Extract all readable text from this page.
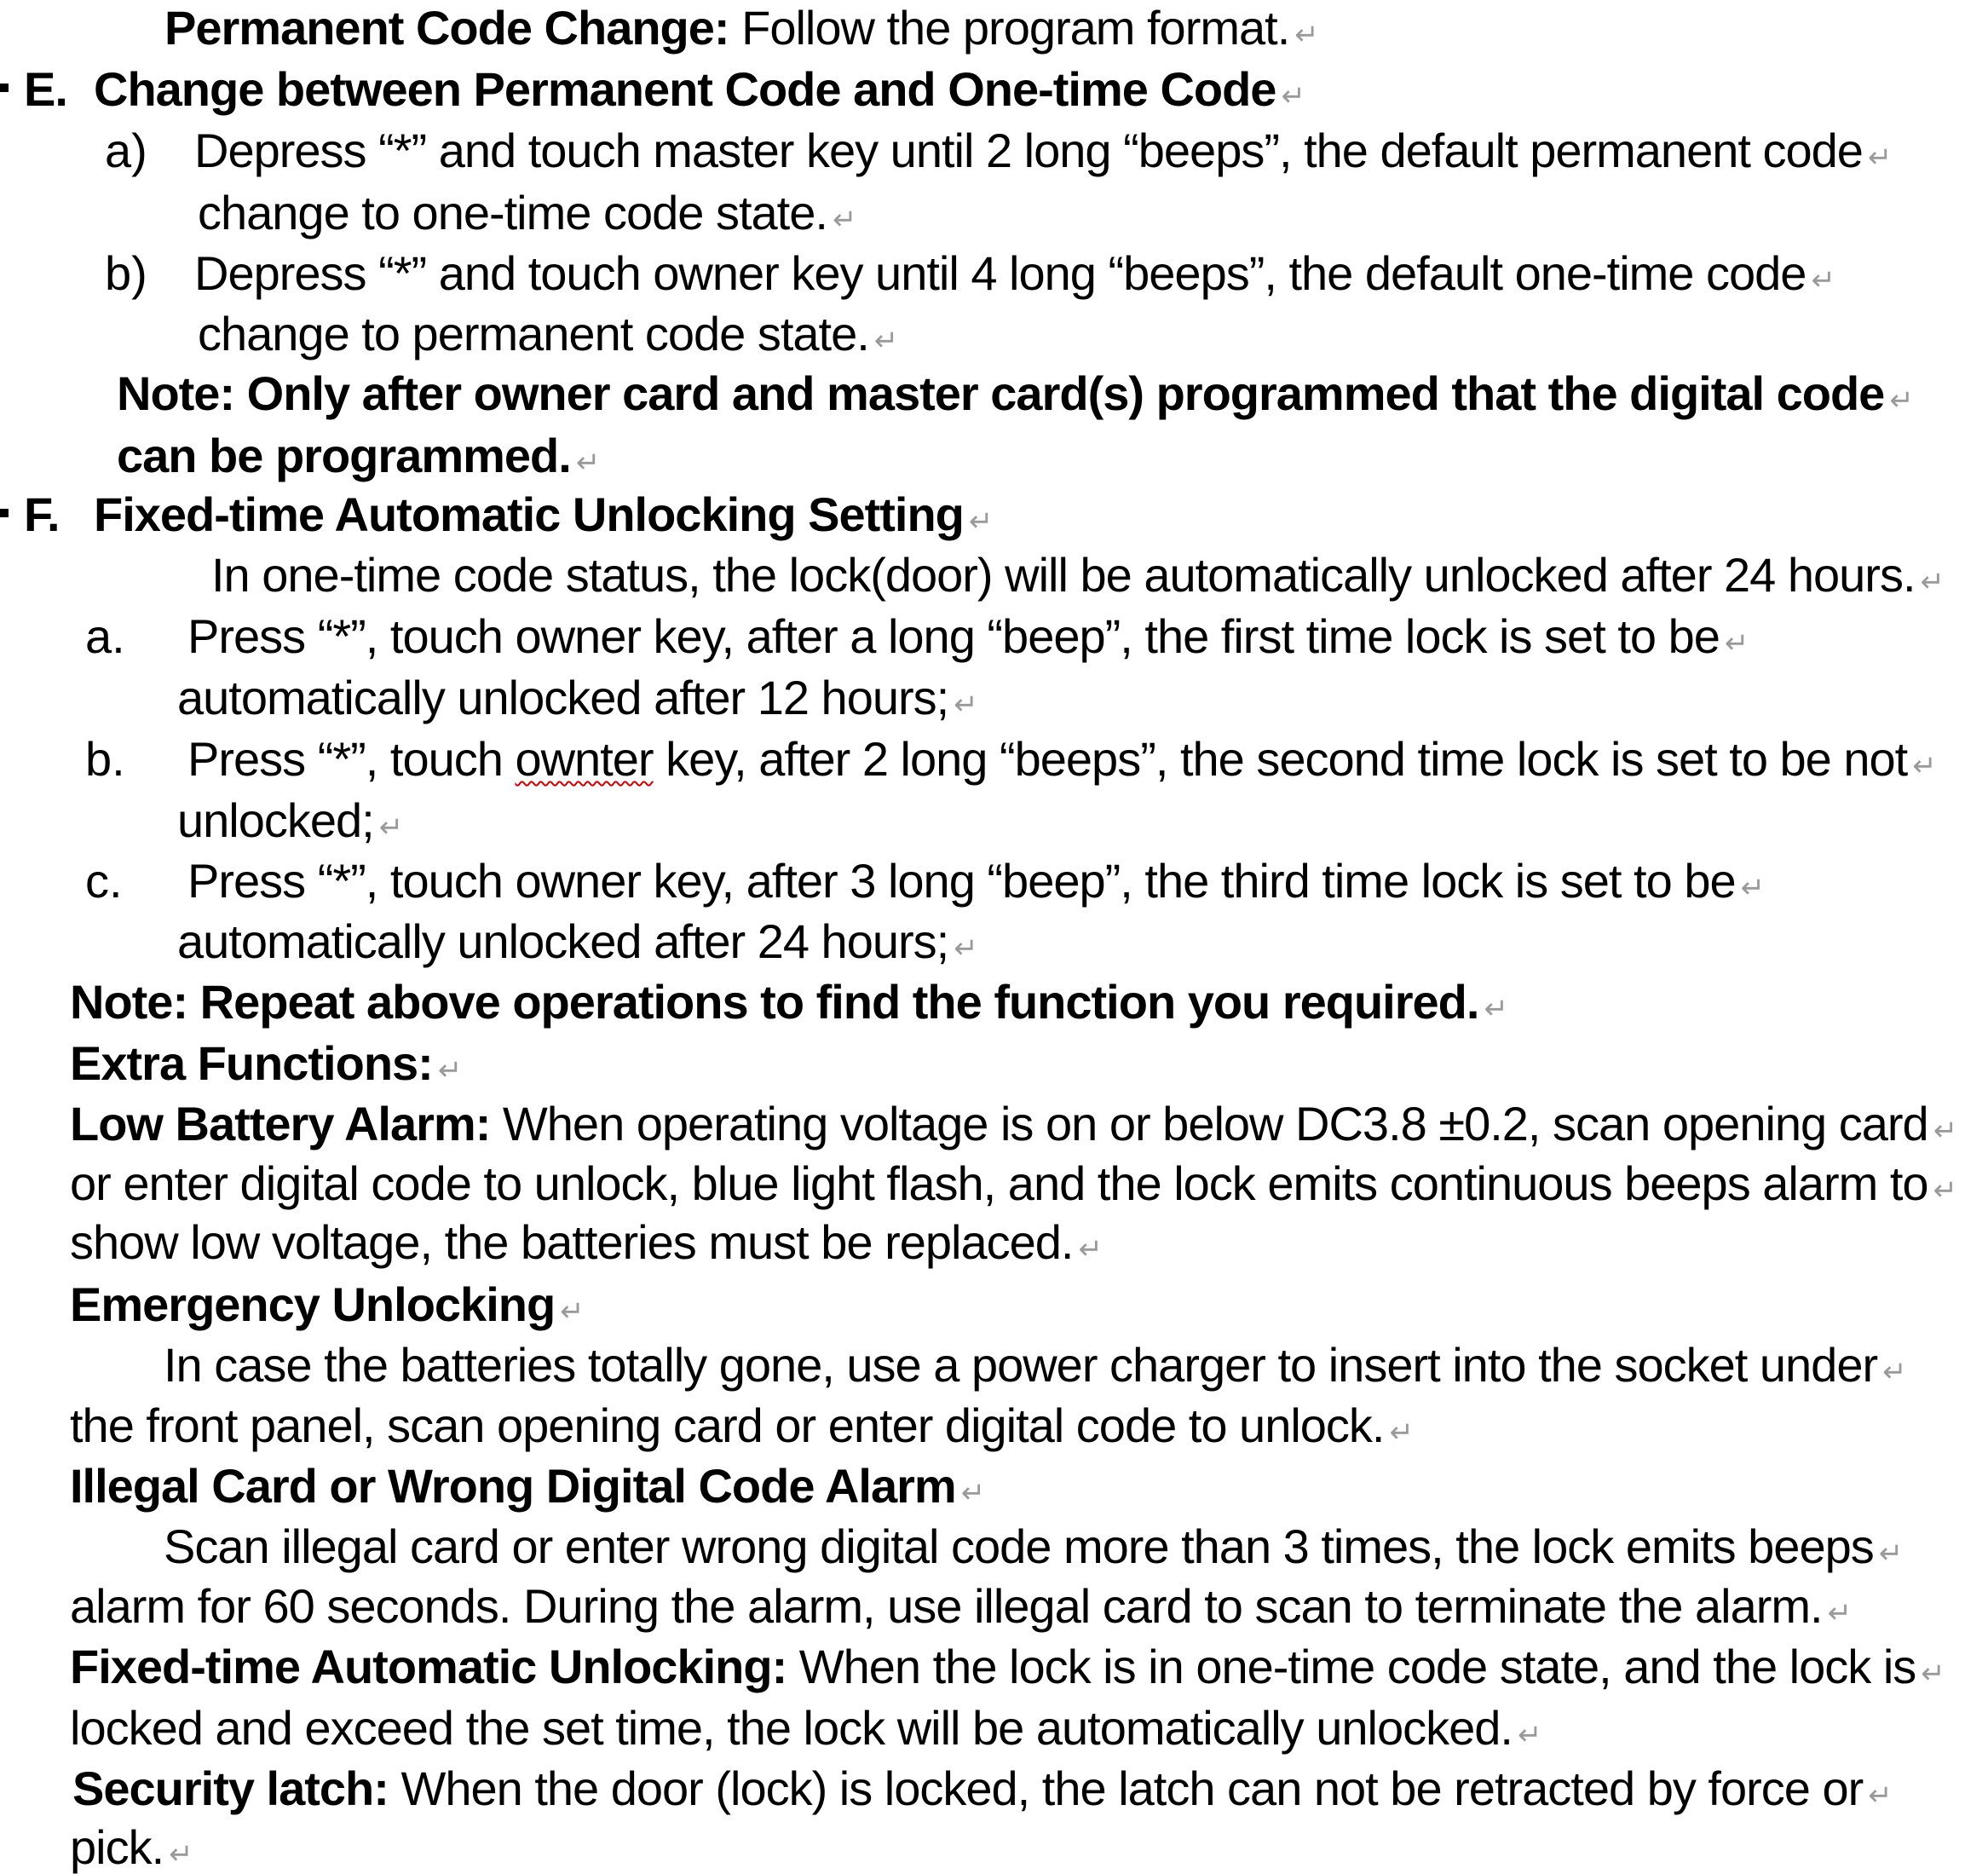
Permanent Code Change: Follow the program format. ↵
E. Change between Permanent Code and One-time Code ↵
a) Depress “*” and touch master key until 2 long “beeps”, the default permanent code ↵
change to one-time code state. ↵
b) Depress “*” and touch owner key until 4 long “beeps”, the default one-time code ↵
change to permanent code state. ↵
Note: Only after owner card and master card(s) programmed that the digital code ↵
can be programmed. ↵
F. Fixed-time Automatic Unlocking Setting ↵
In one-time code status, the lock(door) will be automatically unlocked after 24 hours. ↵
a. Press “*”, touch owner key, after a long “beep”, the first time lock is set to be ↵
automatically unlocked after 12 hours; ↵
b. Press “*”, touch ownter key, after 2 long “beeps”, the second time lock is set to be not ↵
unlocked; ↵
c. Press “*”, touch owner key, after 3 long “beep”, the third time lock is set to be ↵
automatically unlocked after 24 hours; ↵
Note: Repeat above operations to find the function you required. ↵
Extra Functions: ↵
Low Battery Alarm: When operating voltage is on or below DC3.8 ±0.2, scan opening card ↵
or enter digital code to unlock, blue light flash, and the lock emits continuous beeps alarm to ↵
show low voltage, the batteries must be replaced. ↵
Emergency Unlocking ↵
In case the batteries totally gone, use a power charger to insert into the socket under ↵
the front panel, scan opening card or enter digital code to unlock. ↵
Illegal Card or Wrong Digital Code Alarm ↵
Scan illegal card or enter wrong digital code more than 3 times, the lock emits beeps ↵
alarm for 60 seconds. During the alarm, use illegal card to scan to terminate the alarm. ↵
Fixed-time Automatic Unlocking: When the lock is in one-time code state, and the lock is ↵
locked and exceed the set time, the lock will be automatically unlocked. ↵
Security latch: When the door (lock) is locked, the latch can not be retracted by force or ↵
pick. ↵
